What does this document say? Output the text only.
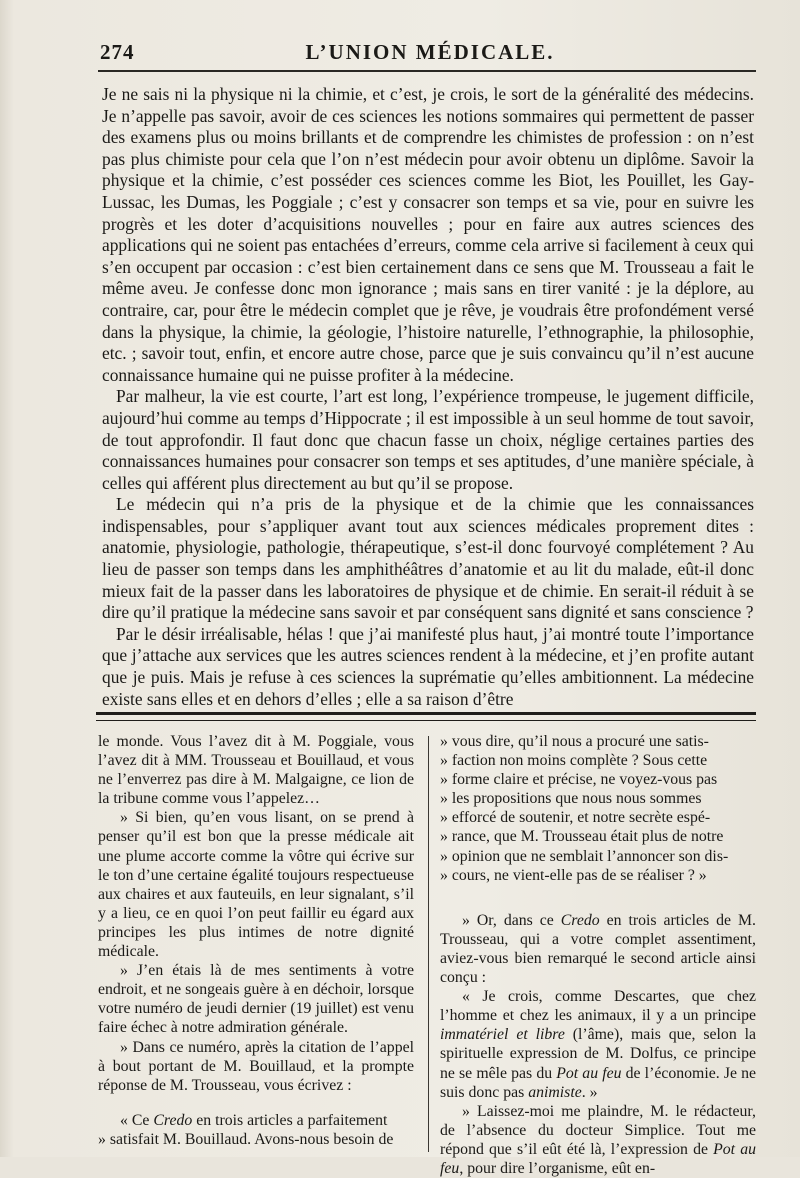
274	L’UNION MÉDICALE.

Je ne sais ni la physique ni la chimie, et c’est, je crois, le sort de la généralité des médecins. Je n’appelle pas savoir, avoir de ces sciences les notions sommaires qui permettent de passer des examens plus ou moins brillants et de comprendre les chimistes de profession : on n’est pas plus chimiste pour cela que l’on n’est médecin pour avoir obtenu un diplôme. Savoir la physique et la chimie, c’est posséder ces sciences comme les Biot, les Pouillet, les Gay-Lussac, les Dumas, les Poggiale ; c’est y consacrer son temps et sa vie, pour en suivre les progrès et les doter d’acquisitions nouvelles ; pour en faire aux autres sciences des applications qui ne soient pas entachées d’erreurs, comme cela arrive si facilement à ceux qui s’en occupent par occasion : c’est bien certainement dans ce sens que M. Trousseau a fait le même aveu. Je confesse donc mon ignorance ; mais sans en tirer vanité : je la déplore, au contraire, car, pour être le médecin complet que je rêve, je voudrais être profondément versé dans la physique, la chimie, la géologie, l’histoire naturelle, l’ethnographie, la philosophie, etc. ; savoir tout, enfin, et encore autre chose, parce que je suis convaincu qu’il n’est aucune connaissance humaine qui ne puisse profiter à la médecine.

Par malheur, la vie est courte, l’art est long, l’expérience trompeuse, le jugement difficile, aujourd’hui comme au temps d’Hippocrate ; il est impossible à un seul homme de tout savoir, de tout approfondir. Il faut donc que chacun fasse un choix, néglige certaines parties des connaissances humaines pour consacrer son temps et ses aptitudes, d’une manière spéciale, à celles qui afférent plus directement au but qu’il se propose.

Le médecin qui n’a pris de la physique et de la chimie que les connaissances indispensables, pour s’appliquer avant tout aux sciences médicales proprement dites : anatomie, physiologie, pathologie, thérapeutique, s’est-il donc fourvoyé complétement ? Au lieu de passer son temps dans les amphithéâtres d’anatomie et au lit du malade, eût-il donc mieux fait de la passer dans les laboratoires de physique et de chimie. En serait-il réduit à se dire qu’il pratique la médecine sans savoir et par conséquent sans dignité et sans conscience ?

Par le désir irréalisable, hélas ! que j’ai manifesté plus haut, j’ai montré toute l’importance que j’attache aux services que les autres sciences rendent à la médecine, et j’en profite autant que je puis. Mais je refuse à ces sciences la suprématie qu’elles ambitionnent. La médecine existe sans elles et en dehors d’elles ; elle a sa raison d’être

le monde. Vous l’avez dit à M. Poggiale, vous l’avez dit à MM. Trousseau et Bouillaud, et vous ne l’enverrez pas dire à M. Malgaigne, ce lion de la tribune comme vous l’appelez…

» Si bien, qu’en vous lisant, on se prend à penser qu’il est bon que la presse médicale ait une plume accorte comme la vôtre qui écrive sur le ton d’une certaine égalité toujours respectueuse aux chaires et aux fauteuils, en leur signalant, s’il y a lieu, ce en quoi l’on peut faillir eu égard aux principes les plus intimes de notre dignité médicale.

» J’en étais là de mes sentiments à votre endroit, et ne songeais guère à en déchoir, lorsque votre numéro de jeudi dernier (19 juillet) est venu faire échec à notre admiration générale.

» Dans ce numéro, après la citation de l’appel à bout portant de M. Bouillaud, et la prompte réponse de M. Trousseau, vous écrivez :

« Ce Credo en trois articles a parfaitement

» satisfait M. Bouillaud. Avons-nous besoin de

» vous dire, qu’il nous a procuré une satis-

» faction non moins complète ? Sous cette

» forme claire et précise, ne voyez-vous pas

» les propositions que nous nous sommes

» efforcé de soutenir, et notre secrète espé-

» rance, que M. Trousseau était plus de notre

» opinion que ne semblait l’annoncer son dis-

» cours, ne vient-elle pas de se réaliser ? »

» Or, dans ce Credo en trois articles de M. Trousseau, qui a votre complet assentiment, aviez-vous bien remarqué le second article ainsi conçu :

« Je crois, comme Descartes, que chez l’homme et chez les animaux, il y a un principe immatériel et libre (l’âme), mais que, selon la spirituelle expression de M. Dolfus, ce principe ne se mêle pas du Pot au feu de l’économie. Je ne suis donc pas animiste. »

» Laissez-moi me plaindre, M. le rédacteur, de l’absence du docteur Simplice. Tout me répond que s’il eût été là, l’expression de Pot au feu, pour dire l’organisme, eût en-
